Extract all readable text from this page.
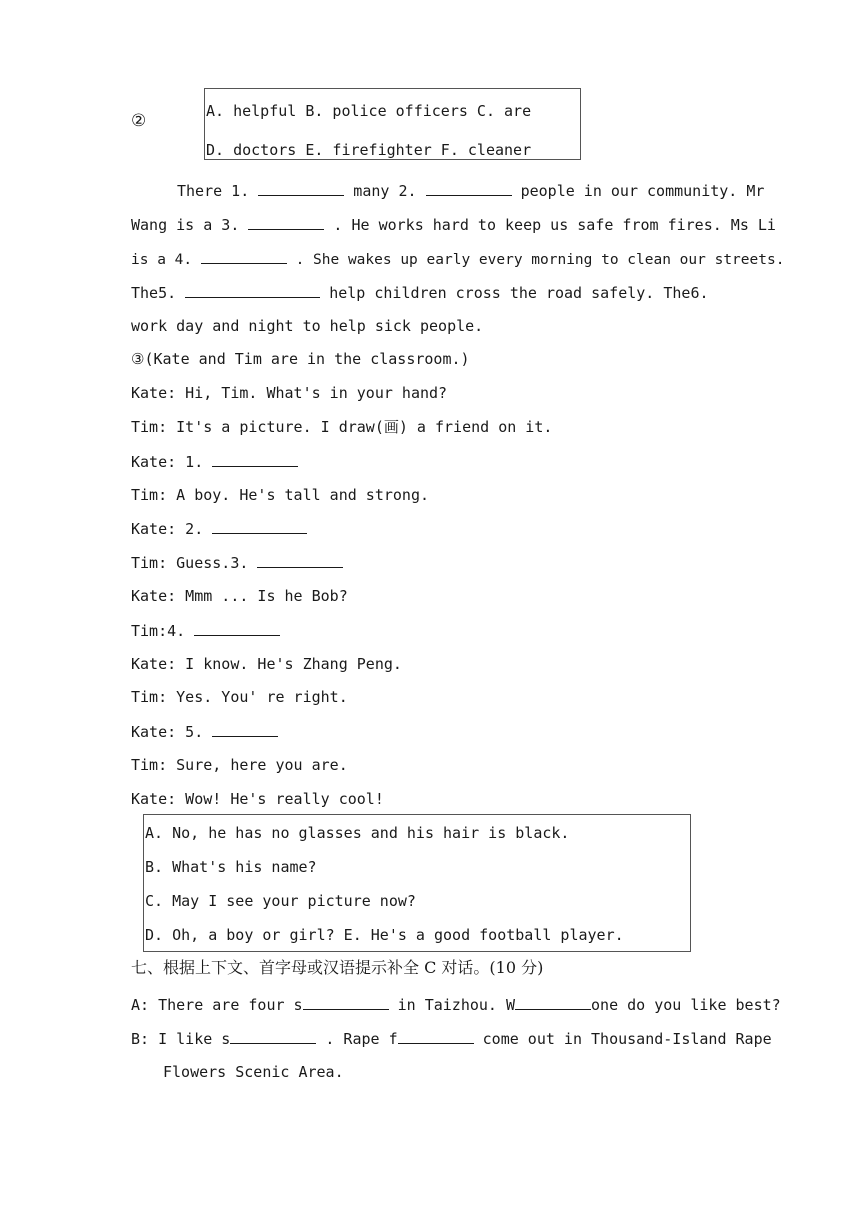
②	A. helpful B. police officers C. are
D. doctors E. firefighter F. cleaner
There 1.	many 2.	people in our community. Mr
Wang is a 3.	. He works hard to keep us safe from fires. Ms Li
is a 4.	. She wakes up early every morning to clean our streets.
The5.	help children cross the road safely. The6.
work day and night to help sick people.
③(Kate and Tim are in the classroom.)
Kate: Hi, Tim. What's in your hand?
Tim: It's a picture. I draw(画) a friend on it.
Kate: 1.
Tim: A boy. He's tall and strong.
Kate: 2.
Tim: Guess.3.
Kate: Mmm ... Is he Bob?
Tim:4.
Kate: I know. He's Zhang Peng.
Tim: Yes. You' re right.
Kate: 5.
Tim: Sure, here you are.
Kate: Wow! He's really cool!
A. No, he has no glasses and his hair is black.
B. What's his name?
C. May I see your picture now?
D. Oh, a boy or girl? E. He's a good football player.
七、根据上下文、首字母或汉语提示补全 C 对话。(10 分)
A: There are four s	in Taizhou. W	one do you like best?
B: I like s	. Rape f	come out in Thousand-Island Rape
Flowers Scenic Area.
